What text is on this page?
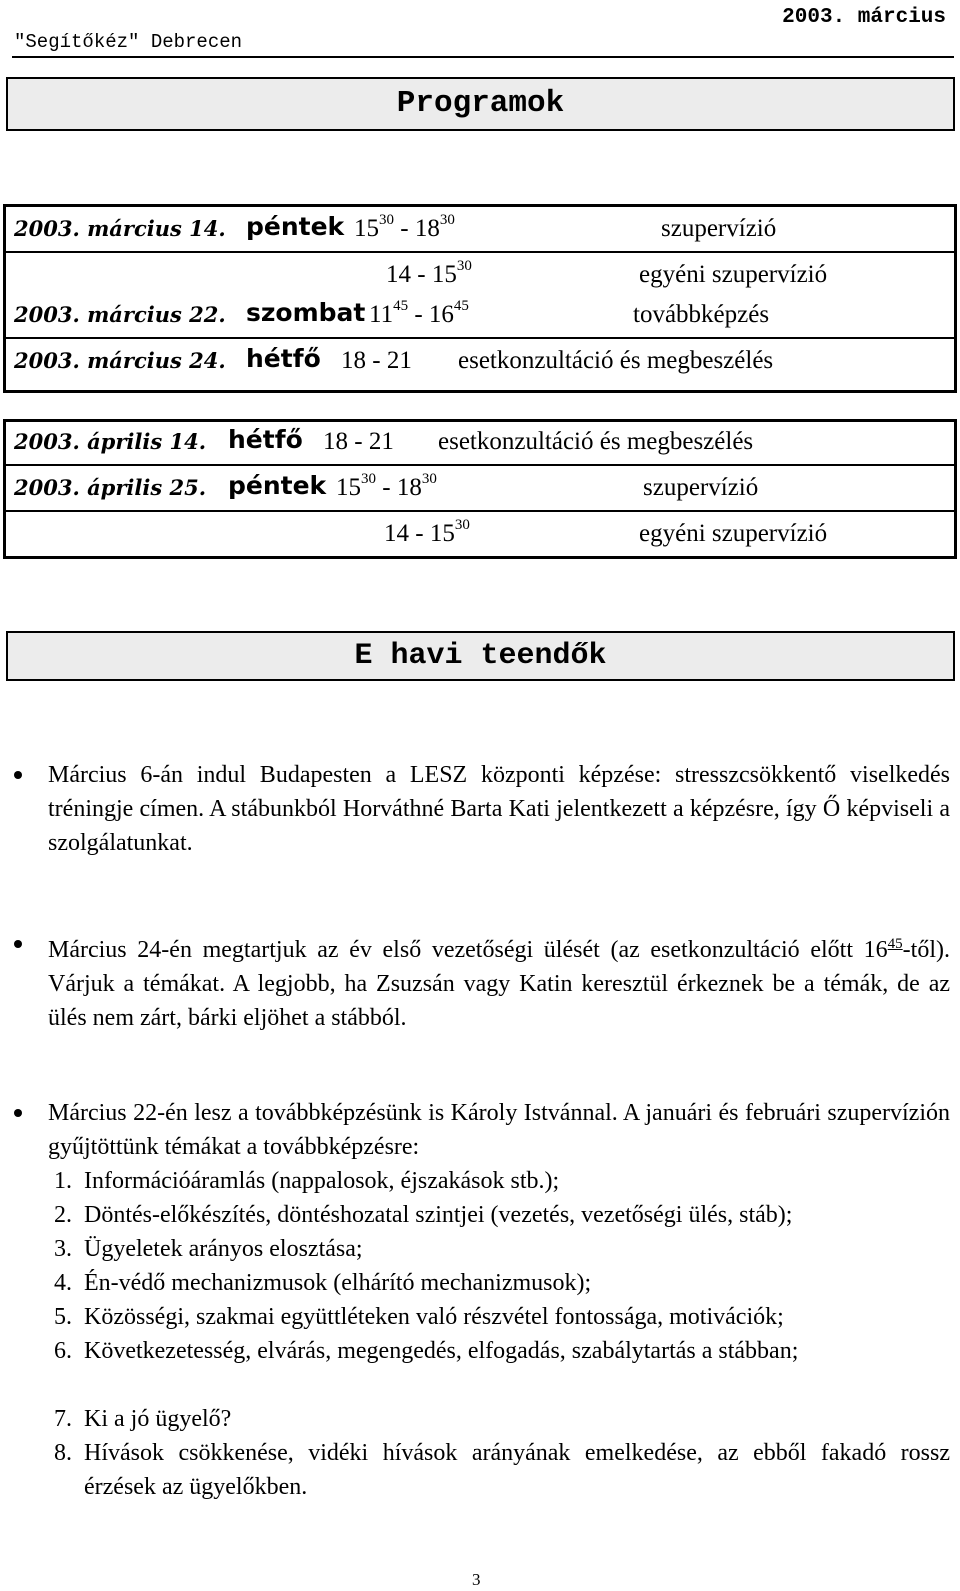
2003. március
"Segítőkéz" Debrecen
Programok
2003. március 14. péntek $15^{30} - 18^{30}$	szupervízió
$14 - 15^{30}$	egyéni szupervízió
2003. március 22. szombat $11^{45} - 16^{45}$	továbbképzés
2003. március 24. hétfő 18 - 21 esetkonzultáció és megbeszélés
2003. április 14. hétfő 18 - 21 esetkonzultáció és megbeszélés
2003. április 25. péntek $15^{30} - 18^{30}$	szupervízió
$14 - 15^{30}$	egyéni szupervízió
E havi teendők
Március 6-án indul Budapesten a LESZ központi képzése: stresszcsökkentő viselkedés tréningje címen. A stábunkból Horváthné Barta Kati jelentkezett a képzésre, így Ő képviseli a szolgálatunkat.
Március 24-én megtartjuk az év első vezetőségi ülését (az esetkonzultáció előtt $16^{45}-től$). Várjuk a témákat. A legjobb, ha Zsuzsán vagy Katin keresztül érkeznek be a témák, de az ülés nem zárt, bárki eljöhet a stábból.
Március 22-én lesz a továbbképzésünk is Károly Istvánnal. A januári és februári szupervízión gyűjtöttünk témákat a továbbképzésre:
1. Információáramlás (nappalosok, éjszakások stb.);
2. Döntés-előkészítés, döntéshozatal szintjei (vezetés, vezetőségi ülés, stáb);
3. Ügyeletek arányos elosztása;
4. Én-védő mechanizmusok (elhárító mechanizmusok);
5. Közösségi, szakmai együttléteken való részvétel fontossága, motivációk;
6. Következetesség, elvárás, megengedés, elfogadás, szabálytartás a stábban;
7. Ki a jó ügyelő?
8. Hívások csökkenése, vidéki hívások arányának emelkedése, az ebből fakadó rossz érzések az ügyelőkben.
3
